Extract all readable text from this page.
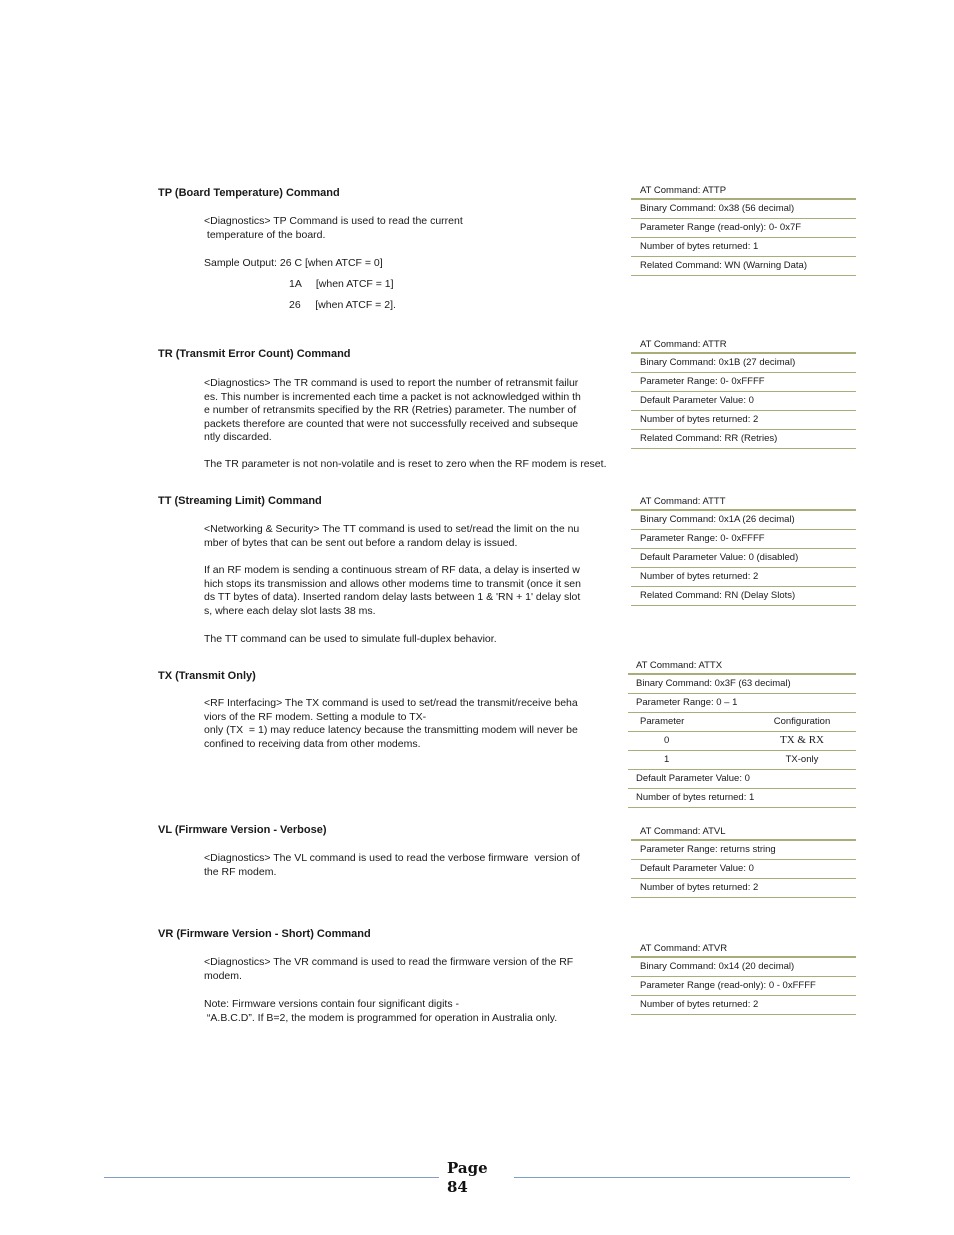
TP (Board Temperature) Command
<Diagnostics> TP Command is used to read the current
temperature of the board.
Sample Output: 26 C [when ATCF = 0]
1A     [when ATCF = 1]
26     [when ATCF = 2].
AT Command: ATTP
Binary Command: 0x38 (56 decimal)
Parameter Range (read-only): 0- 0x7F
Number of bytes returned: 1
Related Command: WN (Warning Data)
TR (Transmit Error Count) Command
<Diagnostics> The TR command is used to report the number of retransmit failur
es. This number is incremented each time a packet is not acknowledged within th
e number of retransmits specified by the RR (Retries) parameter. The number of
packets therefore are counted that were not successfully received and subseque
ntly discarded.
The TR parameter is not non-volatile and is reset to zero when the RF modem is reset.
AT Command: ATTR
Binary Command: 0x1B (27 decimal)
Parameter Range: 0- 0xFFFF
Default Parameter Value: 0
Number of bytes returned: 2
Related Command: RR (Retries)
TT (Streaming Limit) Command
<Networking & Security> The TT command is used to set/read the limit on the nu
mber of bytes that can be sent out before a random delay is issued.
If an RF modem is sending a continuous stream of RF data, a delay is inserted w
hich stops its transmission and allows other modems time to transmit (once it sen
ds TT bytes of data). Inserted random delay lasts between 1 & 'RN + 1' delay slot
s, where each delay slot lasts 38 ms.
The TT command can be used to simulate full-duplex behavior.
AT Command: ATTT
Binary Command: 0x1A (26 decimal)
Parameter Range: 0- 0xFFFF
Default Parameter Value: 0 (disabled)
Number of bytes returned: 2
Related Command: RN (Delay Slots)
TX (Transmit Only)
<RF Interfacing> The TX command is used to set/read the transmit/receive beha
viors of the RF modem. Setting a module to TX-
only (TX  = 1) may reduce latency because the transmitting modem will never be
confined to receiving data from other modems.
AT Command: ATTX
Binary Command: 0x3F (63 decimal)
Parameter Range: 0 – 1
Parameter	Configuration
0	TX & RX
1	TX-only
Default Parameter Value: 0
Number of bytes returned: 1
VL (Firmware Version - Verbose)
<Diagnostics> The VL command is used to read the verbose firmware  version of
the RF modem.
AT Command: ATVL
Parameter Range: returns string
Default Parameter Value: 0
Number of bytes returned: 2
VR (Firmware Version - Short) Command
<Diagnostics> The VR command is used to read the firmware version of the RF
modem.
Note: Firmware versions contain four significant digits -
“A.B.C.D”. If B=2, the modem is programmed for operation in Australia only.
AT Command: ATVR
Binary Command: 0x14 (20 decimal)
Parameter Range (read-only): 0 - 0xFFFF
Number of bytes returned: 2
Page
84
